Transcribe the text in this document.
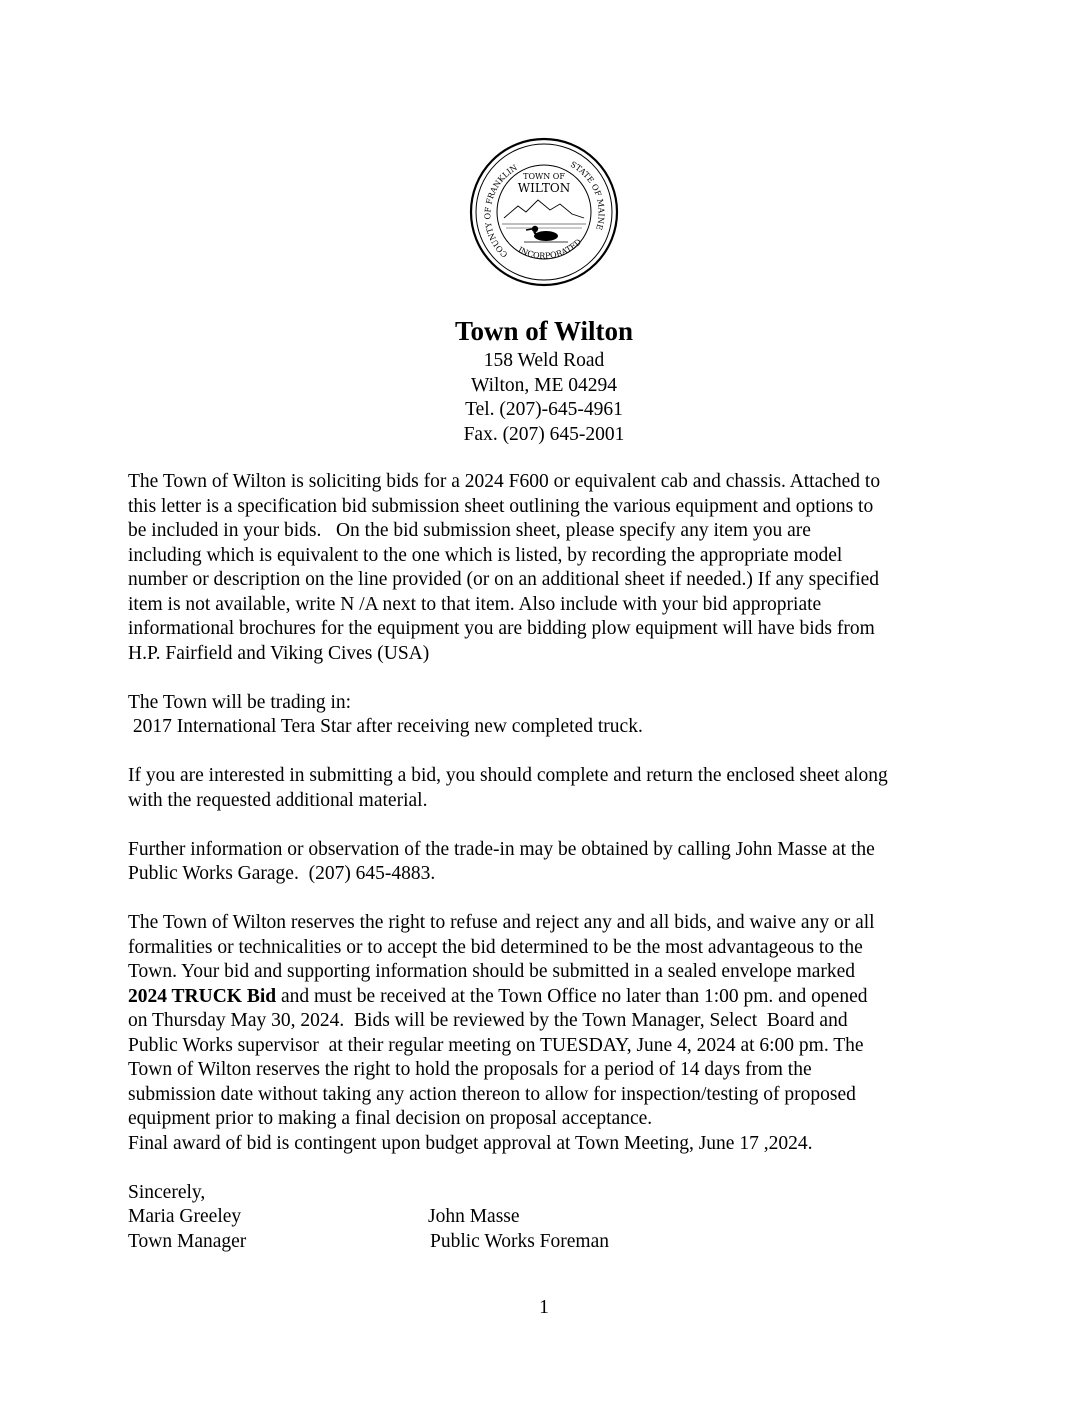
COUNTY OF FRANKLIN	STATE OF MAINE
INCORPORATED
TOWN OF
WILTON
Town of Wilton
158 Weld Road
Wilton, ME 04294
Tel. (207)-645-4961
Fax. (207) 645-2001
The Town of Wilton is soliciting bids for a 2024 F600 or equivalent cab and chassis. Attached to
this letter is a specification bid submission sheet outlining the various equipment and options to
be included in your bids.   On the bid submission sheet, please specify any item you are
including which is equivalent to the one which is listed, by recording the appropriate model
number or description on the line provided (or on an additional sheet if needed.) If any specified
item is not available, write N /A next to that item. Also include with your bid appropriate
informational brochures for the equipment you are bidding plow equipment will have bids from
H.P. Fairfield and Viking Cives (USA)
The Town will be trading in:
2017 International Tera Star after receiving new completed truck.
If you are interested in submitting a bid, you should complete and return the enclosed sheet along
with the requested additional material.
Further information or observation of the trade-in may be obtained by calling John Masse at the
Public Works Garage.  (207) 645-4883.
The Town of Wilton reserves the right to refuse and reject any and all bids, and waive any or all
formalities or technicalities or to accept the bid determined to be the most advantageous to the
Town. Your bid and supporting information should be submitted in a sealed envelope marked
2024 TRUCK Bid and must be received at the Town Office no later than 1:00 pm. and opened
on Thursday May 30, 2024.  Bids will be reviewed by the Town Manager, Select  Board and
Public Works supervisor  at their regular meeting on TUESDAY, June 4, 2024 at 6:00 pm. The
Town of Wilton reserves the right to hold the proposals for a period of 14 days from the
submission date without taking any action thereon to allow for inspection/testing of proposed
equipment prior to making a final decision on proposal acceptance.
Final award of bid is contingent upon budget approval at Town Meeting, June 17 ,2024.
Sincerely,
Maria Greeley	John Masse
Town Manager	Public Works Foreman
1
